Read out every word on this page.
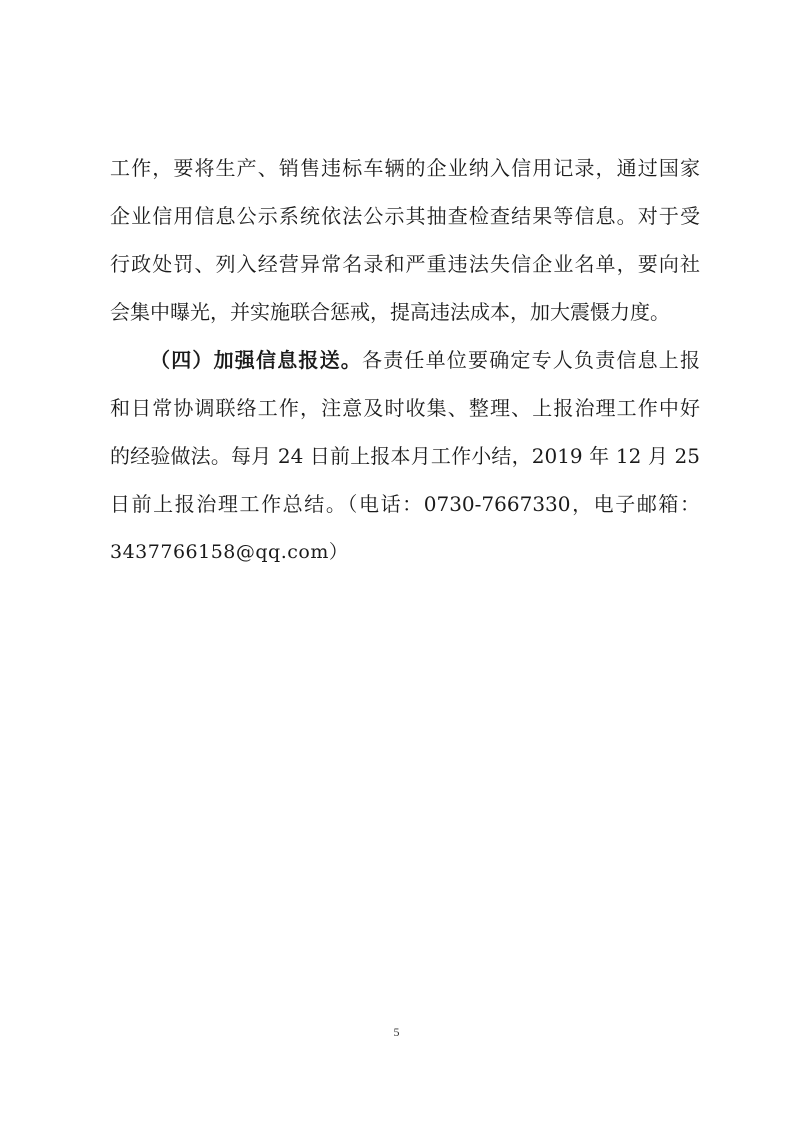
工作，要将生产、销售违标车辆的企业纳入信用记录，通过国家
企业信用信息公示系统依法公示其抽查检查结果等信息。对于受
行政处罚、列入经营异常名录和严重违法失信企业名单，要向社
会集中曝光，并实施联合惩戒，提高违法成本，加大震慑力度。
（四）加强信息报送。各责任单位要确定专人负责信息上报
和日常协调联络工作，注意及时收集、整理、上报治理工作中好
的经验做法。每月 24 日前上报本月工作小结，2019 年 12 月 25
日前上报治理工作总结。（电话：0730-7667330，电子邮箱：
3437766158@qq.com）
5
